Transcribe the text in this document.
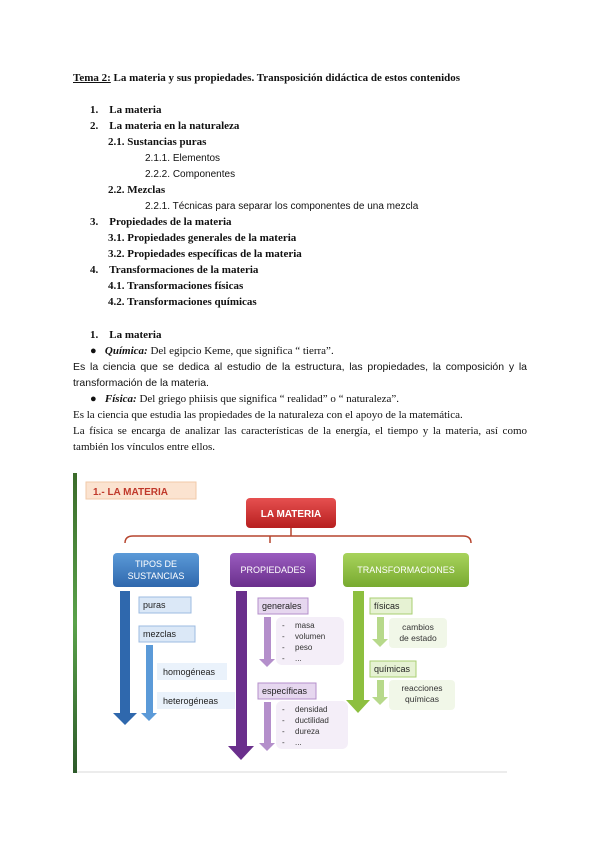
Tema 2: La materia y sus propiedades. Transposición didáctica de estos contenidos
1. La materia
2. La materia en la naturaleza
2.1. Sustancias puras
2.1.1. Elementos
2.2.2. Componentes
2.2. Mezclas
2.2.1. Técnicas para separar los componentes de una mezcla
3. Propiedades de la materia
3.1. Propiedades generales de la materia
3.2. Propiedades específicas de la materia
4. Transformaciones de la materia
4.1. Transformaciones físicas
4.2. Transformaciones químicas
1. La materia
● Química: Del egipcio Keme, que significa “ tierra”.
Es la ciencia que se dedica al estudio de la estructura, las propiedades, la composición y la transformación de la materia.
● Física: Del griego phiisis que significa “ realidad” o “ naturaleza”.
Es la ciencia que estudia las propiedades de la naturaleza con el apoyo de la matemática.
La física se encarga de analizar las características de la energía, el tiempo y la materia, así como también los vínculos entre ellos.
1.- LA MATERIA
LA MATERIA
TIPOS DE
SUSTANCIAS
puras
mezclas
homogéneas
heterogéneas
PROPIEDADES
generales
- masa
- volumen
- peso
- ...
específicas
- densidad
- ductilidad
- dureza
- ...
TRANSFORMACIONES
físicas
cambios
de estado
químicas
reacciones
químicas
